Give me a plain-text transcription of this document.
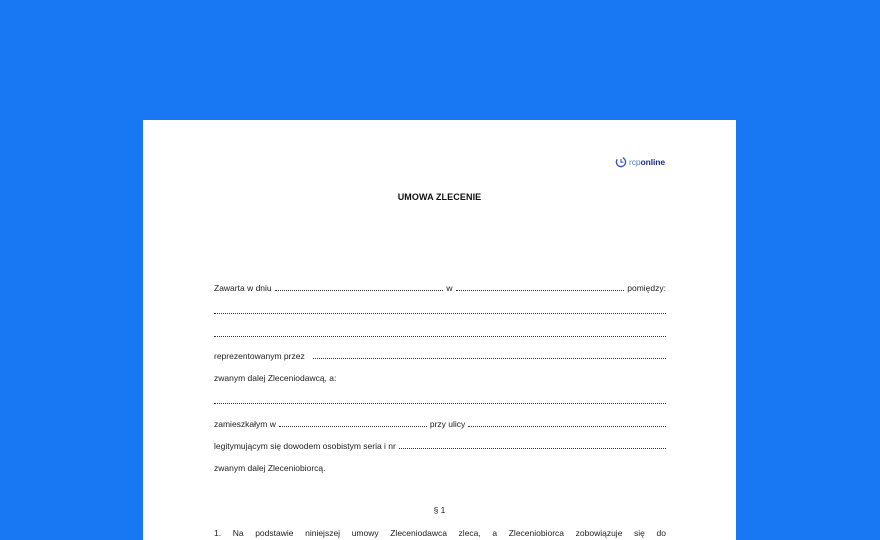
rcponline
UMOWA ZLECENIE
Zawarta w dniu	w	pomiędzy:
reprezentowanym przez
zwanym dalej Zleceniodawcą, a:
zamieszkałym w	przy ulicy
legitymującym się dowodem osobistym seria i nr
zwanym dalej Zleceniobiorcą.
§ 1
1. Na podstawie niniejszej umowy Zleceniodawca zleca, a Zleceniobiorca zobowiązuje się do
